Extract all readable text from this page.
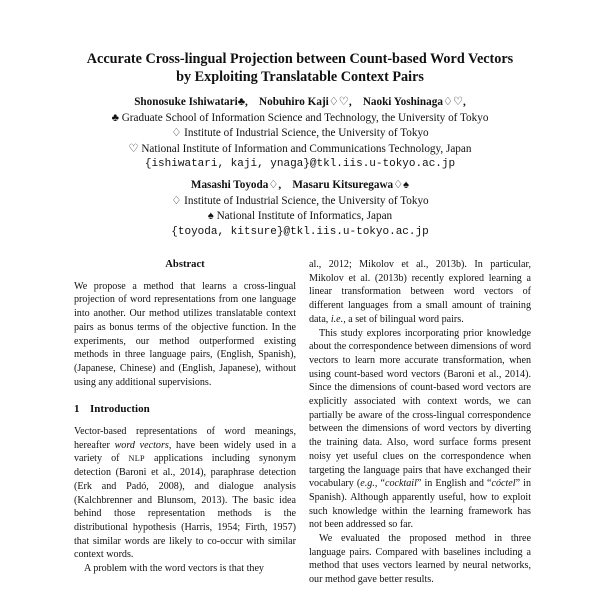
Accurate Cross-lingual Projection between Count-based Word Vectors
by Exploiting Translatable Context Pairs
Shonosuke Ishiwatari♣, Nobuhiro Kaji♢♡, Naoki Yoshinaga♢♡,
♣ Graduate School of Information Science and Technology, the University of Tokyo
♢ Institute of Industrial Science, the University of Tokyo
♡ National Institute of Information and Communications Technology, Japan
{ishiwatari, kaji, ynaga}@tkl.iis.u-tokyo.ac.jp
Masashi Toyoda♢, Masaru Kitsuregawa♢♠
♢ Institute of Industrial Science, the University of Tokyo
♠ National Institute of Informatics, Japan
{toyoda, kitsure}@tkl.iis.u-tokyo.ac.jp
Abstract

We propose a method that learns a cross-lingual projection of word representations from one language into another. Our method utilizes translatable context pairs as bonus terms of the objective function. In the experiments, our method outperformed existing methods in three language pairs, (English, Spanish), (Japanese, Chinese) and (English, Japanese), without using any additional supervisions.

1 Introduction

Vector-based representations of word meanings, hereafter word vectors, have been widely used in a variety of NLP applications including synonym detection (Baroni et al., 2014), paraphrase detection (Erk and Padó, 2008), and dialogue analysis (Kalchbrenner and Blunsom, 2013). The basic idea behind those representation methods is the distributional hypothesis (Harris, 1954; Firth, 1957) that similar words are likely to co-occur with similar context words.

A problem with the word vectors is that they

al., 2012; Mikolov et al., 2013b). In particular, Mikolov et al. (2013b) recently explored learning a linear transformation between word vectors of different languages from a small amount of training data, i.e., a set of bilingual word pairs.

This study explores incorporating prior knowledge about the correspondence between dimensions of word vectors to learn more accurate transformation, when using count-based word vectors (Baroni et al., 2014). Since the dimensions of count-based word vectors are explicitly associated with context words, we can partially be aware of the cross-lingual correspondence between the dimensions of word vectors by diverting the training data. Also, word surface forms present noisy yet useful clues on the correspondence when targeting the language pairs that have exchanged their vocabulary (e.g., “cocktail” in English and “cóctel” in Spanish). Although apparently useful, how to exploit such knowledge within the learning framework has not been addressed so far.

We evaluated the proposed method in three language pairs. Compared with baselines including a method that uses vectors learned by neural networks, our method gave better results.
